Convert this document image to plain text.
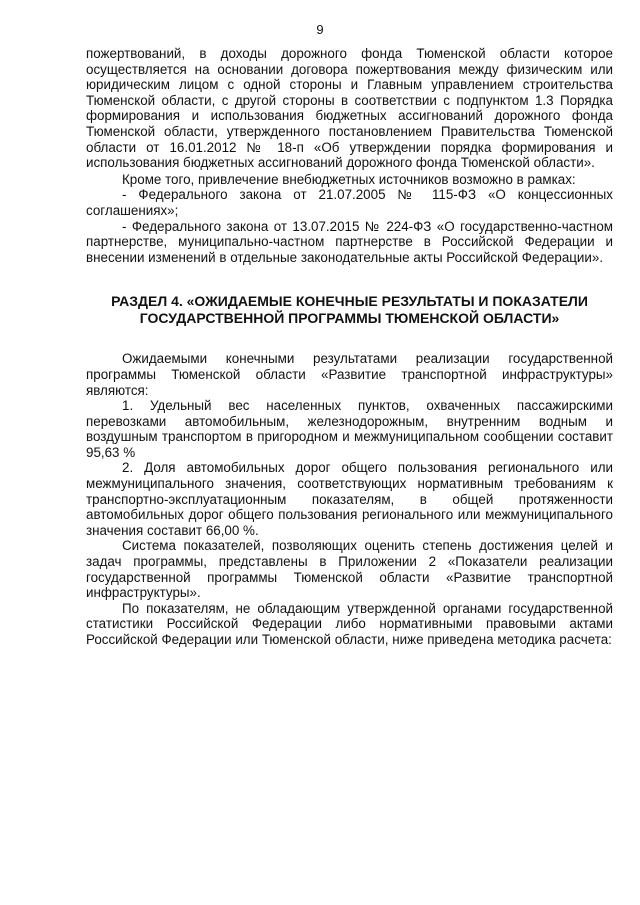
9

пожертвований, в доходы дорожного фонда Тюменской области которое осуществляется на основании договора пожертвования между физическим или юридическим лицом с одной стороны и Главным управлением строительства Тюменской области, с другой стороны в соответствии с подпунктом 1.3 Порядка формирования и использования бюджетных ассигнований дорожного фонда Тюменской области, утвержденного постановлением Правительства Тюменской области от 16.01.2012 № 18-п «Об утверждении порядка формирования и использования бюджетных ассигнований дорожного фонда Тюменской области».

Кроме того, привлечение внебюджетных источников возможно в рамках:

- Федерального закона от 21.07.2005 № 115-ФЗ «О концессионных соглашениях»;

- Федерального закона от 13.07.2015 № 224-ФЗ «О государственно-частном партнерстве, муниципально-частном партнерстве в Российской Федерации и внесении изменений в отдельные законодательные акты Российской Федерации».

РАЗДЕЛ 4. «ОЖИДАЕМЫЕ КОНЕЧНЫЕ РЕЗУЛЬТАТЫ И ПОКАЗАТЕЛИ ГОСУДАРСТВЕННОЙ ПРОГРАММЫ ТЮМЕНСКОЙ ОБЛАСТИ»

Ожидаемыми конечными результатами реализации государственной программы Тюменской области «Развитие транспортной инфраструктуры» являются:

1. Удельный вес населенных пунктов, охваченных пассажирскими перевозками автомобильным, железнодорожным, внутренним водным и воздушным транспортом в пригородном и межмуниципальном сообщении составит 95,63 %

2. Доля автомобильных дорог общего пользования регионального или межмуниципального значения, соответствующих нормативным требованиям к транспортно-эксплуатационным показателям, в общей протяженности автомобильных дорог общего пользования регионального или межмуниципального значения составит 66,00 %.

Система показателей, позволяющих оценить степень достижения целей и задач программы, представлены в Приложении 2 «Показатели реализации государственной программы Тюменской области «Развитие транспортной инфраструктуры».

По показателям, не обладающим утвержденной органами государственной статистики Российской Федерации либо нормативными правовыми актами Российской Федерации или Тюменской области, ниже приведена методика расчета:
